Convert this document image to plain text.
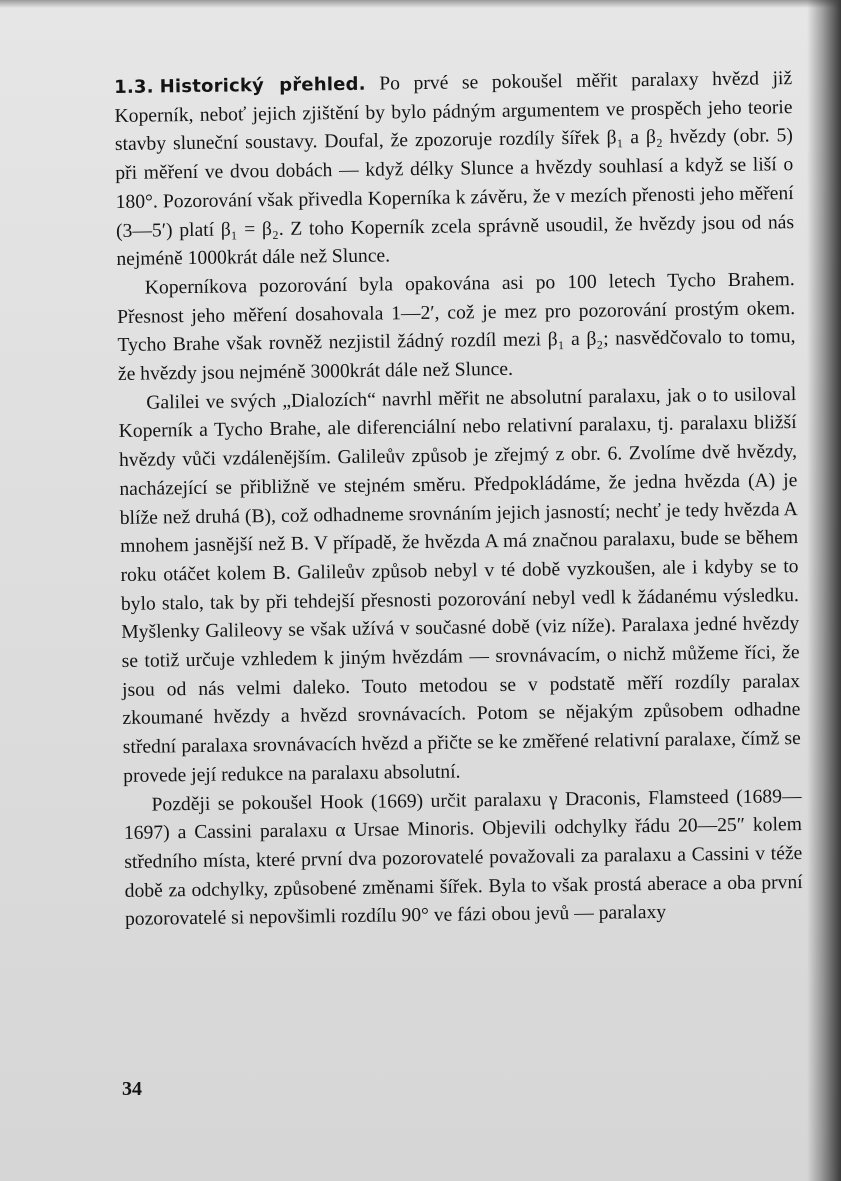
1.3. Historický přehled. Po prvé se pokoušel měřit paralaxy hvězd již Koperník, neboť jejich zjištění by bylo pádným argumentem ve prospěch jeho teorie stavby sluneční soustavy. Doufal, že zpozoruje rozdíly šířek β₁ a β₂ hvězdy (obr. 5) při měření ve dvou dobách — když délky Slunce a hvězdy souhlasí a když se liší o 180°. Pozorování však přivedla Koperníka k závěru, že v mezích přenosti jeho měření (3—5′) platí β₁ = β₂. Z toho Koperník zcela správně usoudil, že hvězdy jsou od nás nejméně 1000krát dále než Slunce.

Koperníkova pozorování byla opakována asi po 100 letech Tycho Brahem. Přesnost jeho měření dosahovala 1—2′, což je mez pro pozorování prostým okem. Tycho Brahe však rovněž nezjistil žádný rozdíl mezi β₁ a β₂; nasvědčovalo to tomu, že hvězdy jsou nejméně 3000krát dále než Slunce.

Galilei ve svých „Dialozích“ navrhl měřit ne absolutní paralaxu, jak o to usiloval Koperník a Tycho Brahe, ale diferenciální nebo relativní paralaxu, tj. paralaxu bližší hvězdy vůči vzdálenějším. Galileův způsob je zřejmý z obr. 6. Zvolíme dvě hvězdy, nacházející se přibližně ve stejném směru. Předpokládáme, že jedna hvězda (A) je blíže než druhá (B), což odhadneme srovnáním jejich jasností; nechť je tedy hvězda A mnohem jasnější než B. V případě, že hvězda A má značnou paralaxu, bude se během roku otáčet kolem B. Galileův způsob nebyl v té době vyzkoušen, ale i kdyby se to bylo stalo, tak by při tehdejší přesnosti pozorování nebyl vedl k žádanému výsledku. Myšlenky Galileovy se však užívá v současné době (viz níže). Paralaxa jedné hvězdy se totiž určuje vzhledem k jiným hvězdám — srovnávacím, o nichž můžeme říci, že jsou od nás velmi daleko. Touto metodou se v podstatě měří rozdíly paralax zkoumané hvězdy a hvězd srovnávacích. Potom se nějakým způsobem odhadne střední paralaxa srovnávacích hvězd a přičte se ke změřené relativní paralaxe, čímž se provede její redukce na paralaxu absolutní.

Později se pokoušel Hook (1669) určit paralaxu γ Draconis, Flamsteed (1689—1697) a Cassini paralaxu α Ursae Minoris. Objevili odchylky řádu 20—25″ kolem středního místa, které první dva pozorovatelé považovali za paralaxu a Cassini v téže době za odchylky, způsobené změnami šířek. Byla to však prostá aberace a oba první pozorovatelé si nepovšimli rozdílu 90° ve fázi obou jevů — paralaxy

34
